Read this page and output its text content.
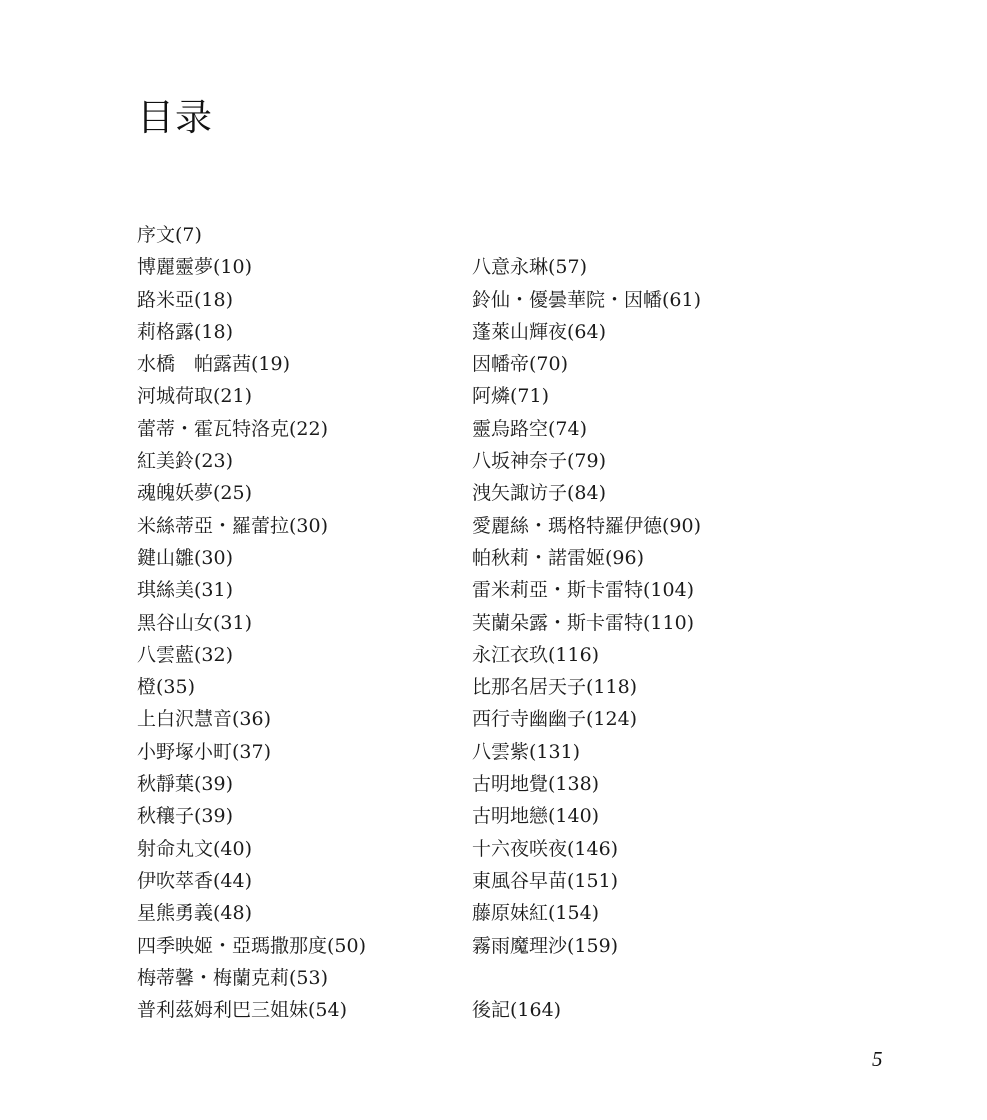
目录
序文(7)
博麗靈夢(10)
路米亞(18)
莉格露(18)
水橋　帕露茜(19)
河城荷取(21)
蕾蒂・霍瓦特洛克(22)
紅美鈴(23)
魂魄妖夢(25)
米絲蒂亞・羅蕾拉(30)
鍵山雛(30)
琪絲美(31)
黑谷山女(31)
八雲藍(32)
橙(35)
上白沢慧音(36)
小野塚小町(37)
秋靜葉(39)
秋穰子(39)
射命丸文(40)
伊吹萃香(44)
星熊勇義(48)
四季映姬・亞瑪撒那度(50)
梅蒂馨・梅蘭克莉(53)
普利茲姆利巴三姐妹(54)
八意永琳(57)
鈴仙・優曇華院・因幡(61)
蓬萊山輝夜(64)
因幡帝(70)
阿燐(71)
靈烏路空(74)
八坂神奈子(79)
洩矢諏访子(84)
愛麗絲・瑪格特羅伊德(90)
帕秋莉・諾雷姬(96)
雷米莉亞・斯卡雷特(104)
芙蘭朵露・斯卡雷特(110)
永江衣玖(116)
比那名居天子(118)
西行寺幽幽子(124)
八雲紫(131)
古明地覺(138)
古明地戀(140)
十六夜咲夜(146)
東風谷早苗(151)
藤原妹紅(154)
霧雨魔理沙(159)
後記(164)
5
